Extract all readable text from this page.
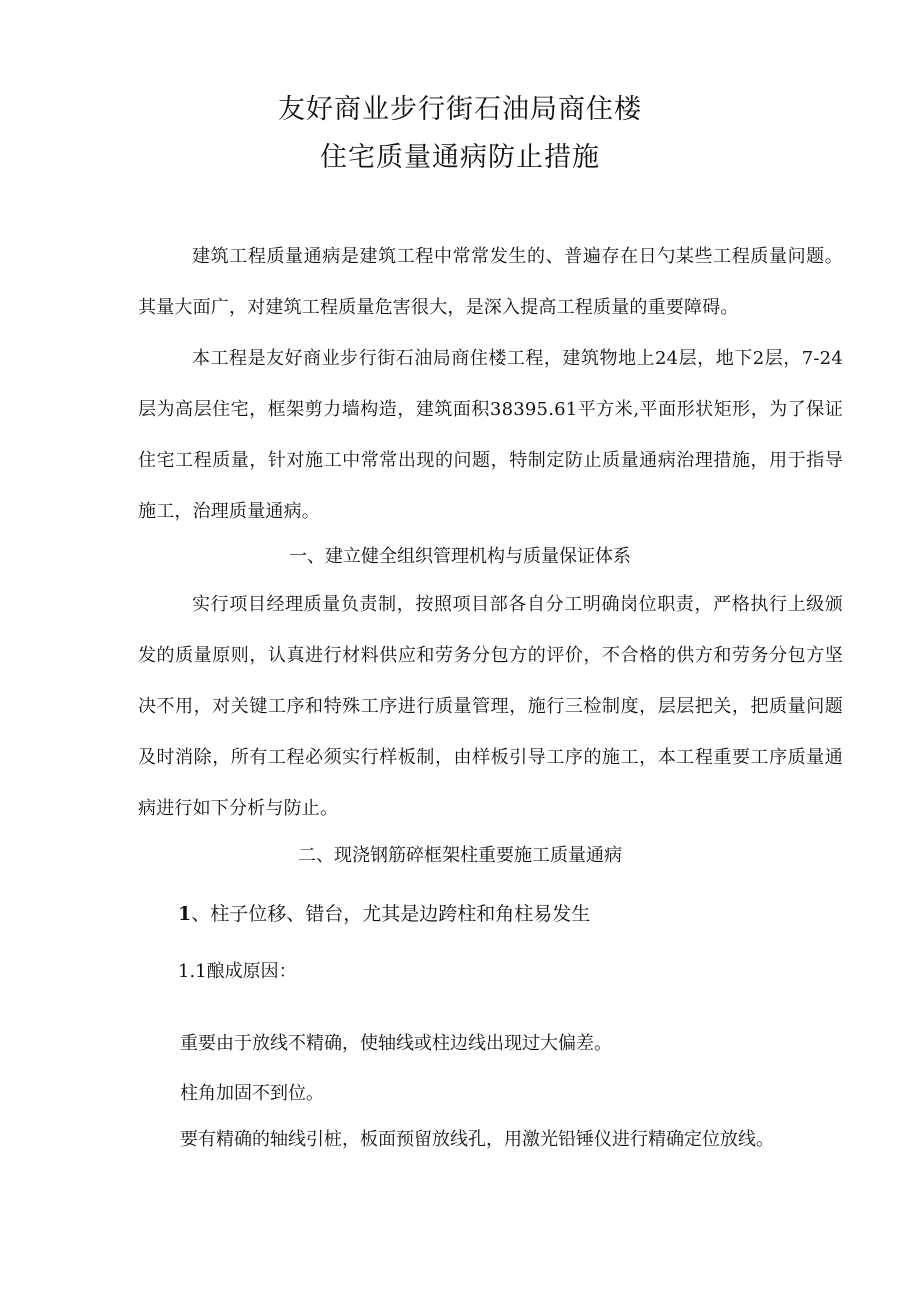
友好商业步行街石油局商住楼
住宅质量通病防止措施

建筑工程质量通病是建筑工程中常常发生的、普遍存在日勺某些工程质量问题。其量大面广，对建筑工程质量危害很大，是深入提高工程质量的重要障碍。

本工程是友好商业步行街石油局商住楼工程，建筑物地上24层，地下2层，7-24层为高层住宅，框架剪力墙构造，建筑面积38395.61平方米,平面形状矩形，为了保证住宅工程质量，针对施工中常常出现的问题，特制定防止质量通病治理措施，用于指导施工，治理质量通病。

一、建立健全组织管理机构与质量保证体系

实行项目经理质量负责制，按照项目部各自分工明确岗位职责，严格执行上级颁发的质量原则，认真进行材料供应和劳务分包方的评价，不合格的供方和劳务分包方坚决不用，对关键工序和特殊工序进行质量管理，施行三检制度，层层把关，把质量问题及时消除，所有工程必须实行样板制，由样板引导工序的施工，本工程重要工序质量通病进行如下分析与防止。

二、现浇钢筋碎框架柱重要施工质量通病

1、柱子位移、错台，尤其是边跨柱和角柱易发生

1.1酿成原因：

重要由于放线不精确，使轴线或柱边线出现过大偏差。

柱角加固不到位。

要有精确的轴线引桩，板面预留放线孔，用激光铅锤仪进行精确定位放线。
